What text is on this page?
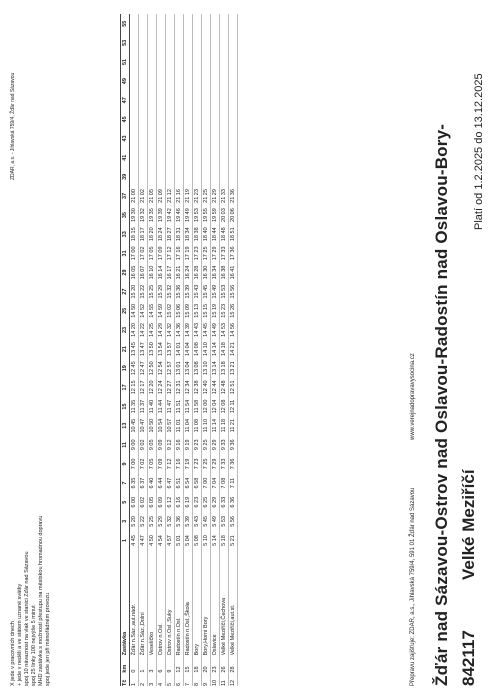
Žďár nad Sázavou-Ostrov nad Oslavou-Radostín nad Oslavou-Bory- 842117
Velké Meziříčí
Platí od 1.2.2025 do 13.12.2025
Přepravu zajišťuje: ZDAR, a.s., Jihlavská 759/4, 591 01 Žďár nad Sázavou
www.verejnadopravavysocina.cz
Tč
km
Zastávka
1
3
5
7
9
11
13
15
17
19
21
23
25
27
29
31
33
35
37
39
41
43
45
47
49
51
53
55
1
0
Žďár n.Sáz.,aut.nádr.
4 45
5 20
6 00
6 35
7 00
9 00
10 45
11 35
12 15
12 45
13 45
14 20
14 50
15 20
16 05
17 00
18 15
19 30
21 00
2
1
Žďár n.Sáz.,Dolní
4 47
5 22
6 02
6 37
7 02
9 02
10 47
11 37
12 17
12 47
13 47
14 22
14 52
15 22
16 07
17 02
18 17
19 32
21 02
3
3
Veselíčko
4 50
5 25
6 05
6 40
7 05
9 05
10 50
11 40
12 20
12 50
13 50
14 25
14 55
15 25
16 10
17 05
18 20
19 35
21 05
4
6
Ostrov n.Osl.
4 54
5 29
6 09
6 44
7 09
9 09
10 54
11 44
12 24
12 54
13 54
14 29
14 59
15 29
16 14
17 09
18 24
19 39
21 09
5
9
Ostrov n.Osl.,Suky
4 57
5 32
6 12
6 47
7 12
9 12
10 57
11 47
12 27
12 57
13 57
14 32
15 02
15 32
16 17
17 12
18 27
19 42
21 12
6
12
Radostín n.Osl.
5 01
5 36
6 16
6 51
7 16
9 16
11 01
11 51
12 31
13 01
14 01
14 36
15 06
15 36
16 21
17 16
18 31
19 46
21 16
7
15
Radostín n.Osl.,Škola
5 04
5 39
6 19
6 54
7 19
9 19
11 04
11 54
12 34
13 04
14 04
14 39
15 09
15 39
16 24
17 19
18 34
19 49
21 19
8
18
Bory
5 08
5 43
6 23
6 58
7 23
9 23
11 08
11 58
12 38
13 08
14 08
14 43
15 13
15 43
16 28
17 23
18 38
19 53
21 23
9
20
Bory,Horní Bory
5 10
5 45
6 25
7 00
7 25
9 25
11 10
12 00
12 40
13 10
14 10
14 45
15 15
15 45
16 30
17 25
18 40
19 55
21 25
10
23
Oslavice
5 14
5 49
6 29
7 04
7 29
9 29
11 14
12 04
12 44
13 14
14 14
14 49
15 19
15 49
16 34
17 29
18 44
19 59
21 29
11
26
Velké Meziříčí,Čechova
5 18
5 53
6 33
7 08
7 33
9 33
11 18
12 08
12 48
13 18
14 18
14 53
15 23
15 53
16 38
17 33
18 48
20 03
21 33
12
28
Velké Meziříčí,aut.st.
5 21
5 56
6 36
7 11
7 36
9 36
11 21
12 11
12 51
13 21
14 21
14 56
15 26
15 56
16 41
17 36
18 51
20 06
21 36
X jede v pracovních dnech + jede v neděli a ve státem uznané svátky spoj 10 návaznost na vlak ve stanici Žďár nad Sázavou spoj 25 linky 100 nejvýše 5 minut MHD zastávka s možností přestupu na městskou hromadnou dopravu spoj jede jen při mimořádném provozu
ZDAR, a.s. - Jihlavská 759/4, Žďár nad Sázavou
